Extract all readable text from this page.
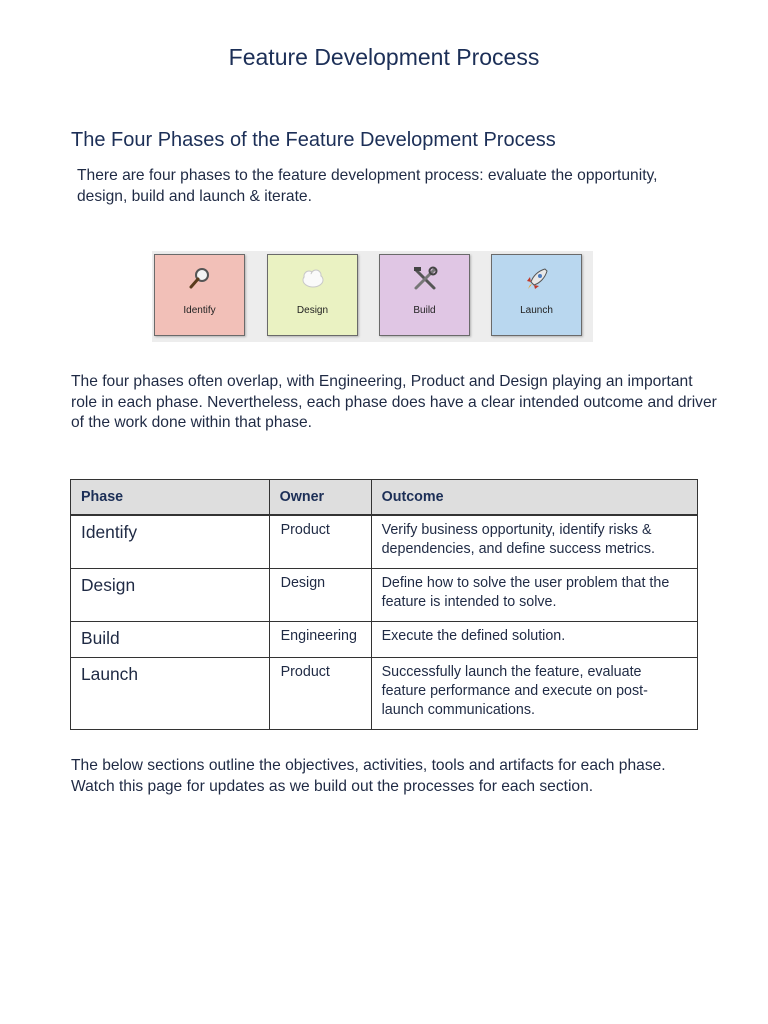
Feature Development Process
The Four Phases of the Feature Development Process

There are four phases to the feature development process: evaluate the opportunity, design, build and launch & iterate.

Identify	Design	Build	Launch

The four phases often overlap, with Engineering, Product and Design playing an important role in each phase. Nevertheless, each phase does have a clear intended outcome and driver of the work done within that phase.

Phase	Owner	Outcome
Identify	Product	Verify business opportunity, identify risks & dependencies, and define success metrics.
Design	Design	Define how to solve the user problem that the feature is intended to solve.
Build	Engineering	Execute the defined solution.
Launch	Product	Successfully launch the feature, evaluate feature performance and execute on post-launch communications.

The below sections outline the objectives, activities, tools and artifacts for each phase. Watch this page for updates as we build out the processes for each section.
